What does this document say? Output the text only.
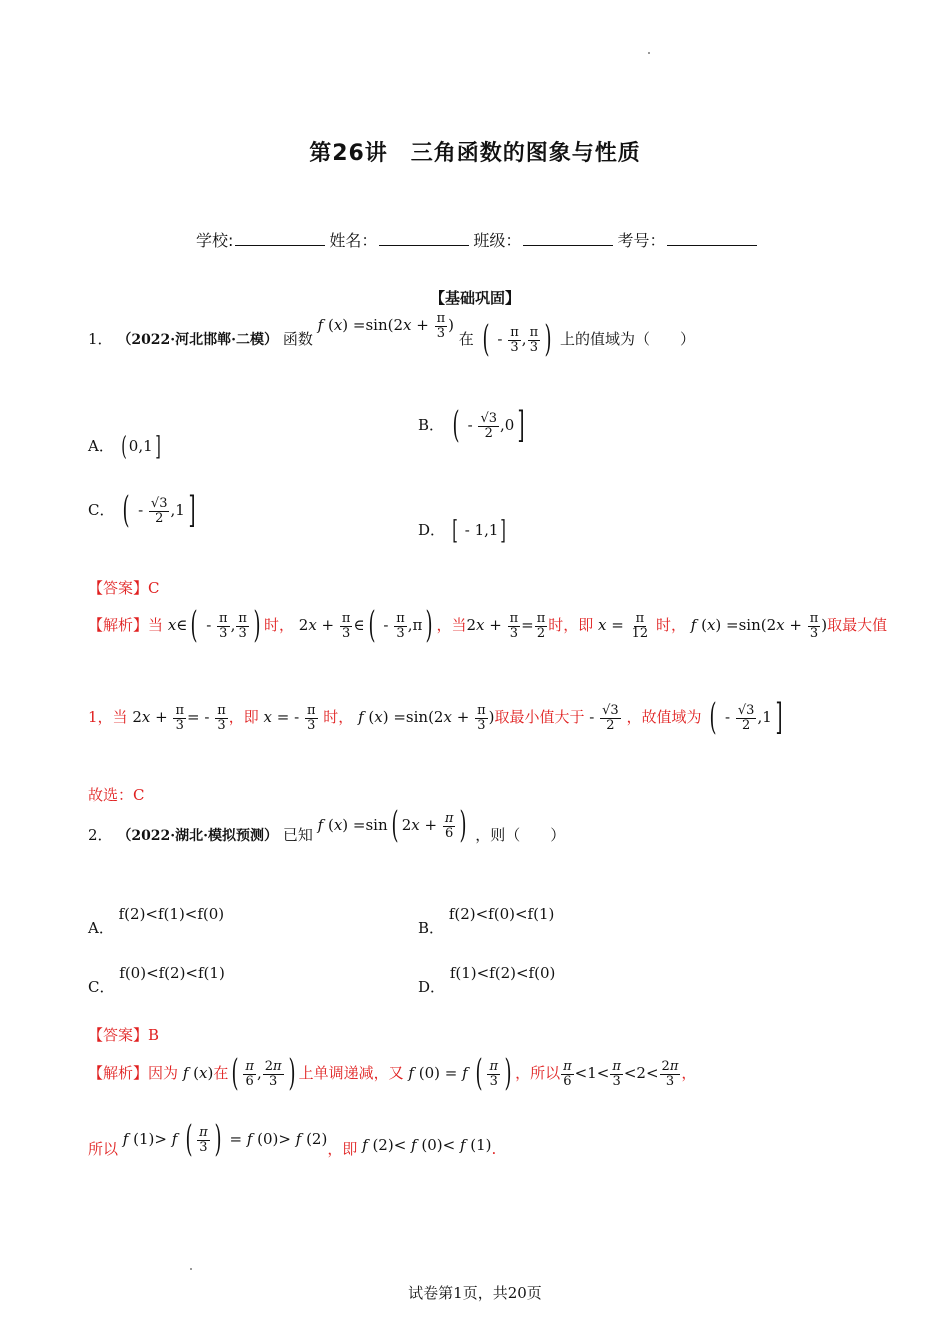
第26讲　三角函数的图象与性质
学校:	姓名：	班级：	考号：
【基础巩固】
1． （2022·河北邯郸·二模） 函数 f $(x) =\sin(2x + \frac{\pi}{3}$ ) 在 ( - $\frac{\pi}{3}$ , $\frac{\pi}{3}$ ) 上的值域为（　　）
A． ( 0,1]
B． ( - $\frac{√3}{2} ,0$]
C． ( - $\frac{√3}{2} ,1$]	D． [ - 1,1]
【答案】C
【解析】当 x∈( - $\frac{\pi}{3}$ , $\frac{\pi}{3}$ ) 时， $2x + \frac{\pi}{3}$ ∈( - $\frac{\pi}{3} ,\pi$) ，当$2x + \frac{\pi}{3} = \frac{\pi}{2}$ 时，即 $x = \frac{\pi}{12}$ 时， f $(x) =\sin(2x + \frac{\pi}{3}$ )取最大值
1，当 $2x + \frac{\pi}{3}$ = - $\frac{\pi}{3}$ ，即 x = - $\frac{\pi}{3}$ 时， f $(x) =\sin(2x + \frac{\pi}{3}$ )取最小值大于 - $\frac{√3}{2}$ ，故值域为 ( - $\frac{√3}{2} ,1$]
故选：C
2． （2022·湖北·模拟预测） 已知 f (x) =sin( $2x + \frac{\pi}{6}$ ) ，则（　　）
A． f(2)<f(1)<f(0)
B． f(2)<f(0)<f(1)
C． f(0)<f(2)<f(1)
D． f(1)<f(2)<f(0)
【答案】B
【解析】因为 f (x)在( $\frac{\pi}{6}$ , $\frac{2\pi}{3}$ ) 上单调递减，又 f (0) = f ( $\frac{\pi}{3}$ ) ，所以 $\frac{\pi}{6} <1< \frac{\pi}{3} <2< \frac{2\pi}{3}$ ，
所以 f (1)> f ( $\frac{\pi}{3}$ ) = f (0)> f (2)，即 f (2)< f (0)< f (1).
试卷第1页，共20页
